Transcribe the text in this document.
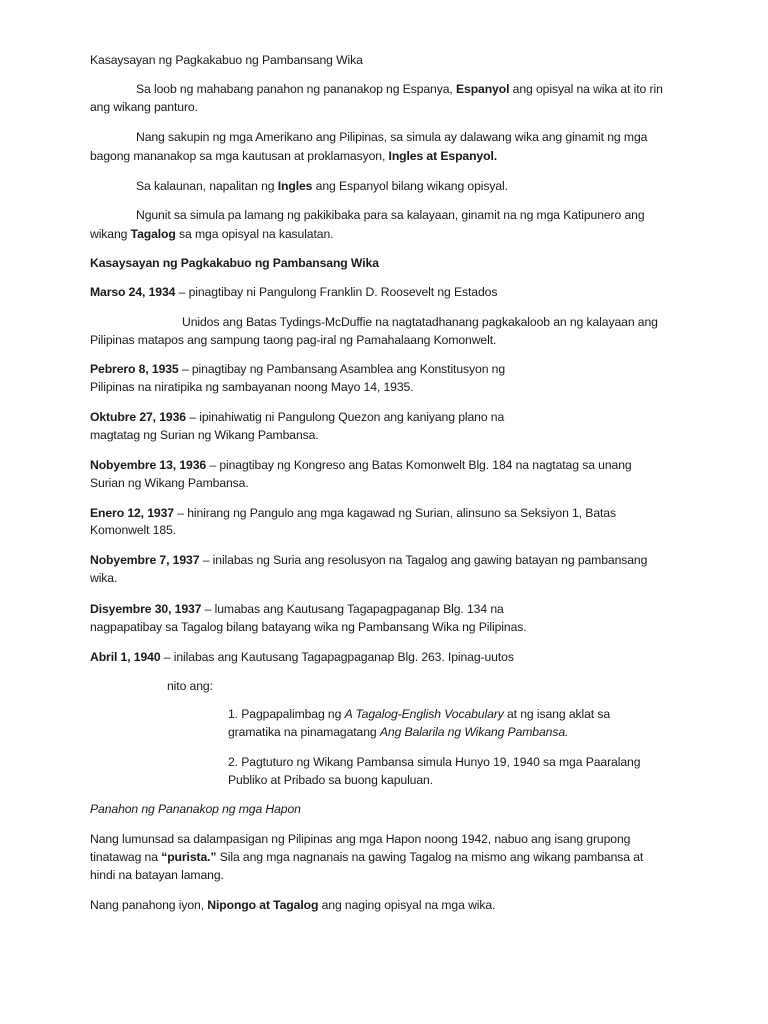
Kasaysayan ng Pagkakabuo ng Pambansang Wika
Sa loob ng mahabang panahon ng pananakop ng Espanya, Espanyol ang opisyal na wika at ito rin
ang wikang panturo.
Nang sakupin ng mga Amerikano ang Pilipinas, sa simula ay dalawang wika ang ginamit ng mga
bagong mananakop sa mga kautusan at proklamasyon, Ingles at Espanyol.
Sa kalaunan, napalitan ng Ingles ang Espanyol bilang wikang opisyal.
Ngunit sa simula pa lamang ng pakikibaka para sa kalayaan, ginamit na ng mga Katipunero ang
wikang Tagalog sa mga opisyal na kasulatan.
Kasaysayan ng Pagkakabuo ng Pambansang Wika
Marso 24, 1934 – pinagtibay ni Pangulong Franklin D. Roosevelt ng Estados
Unidos ang Batas Tydings-McDuffie na nagtatadhanang pagkakaloob an ng kalayaan ang
Pilipinas matapos ang sampung taong pag-iral ng Pamahalaang Komonwelt.
Pebrero 8, 1935 – pinagtibay ng Pambansang Asamblea ang Konstitusyon ng
Pilipinas na niratipika ng sambayanan noong Mayo 14, 1935.
Oktubre 27, 1936 – ipinahiwatig ni Pangulong Quezon ang kaniyang plano na
magtatag ng Surian ng Wikang Pambansa.
Nobyembre 13, 1936 – pinagtibay ng Kongreso ang Batas Komonwelt Blg. 184 na nagtatag sa unang
Surian ng Wikang Pambansa.
Enero 12, 1937 – hinirang ng Pangulo ang mga kagawad ng Surian, alinsuno sa Seksiyon 1, Batas
Komonwelt 185.
Nobyembre 7, 1937 – inilabas ng Suria ang resolusyon na Tagalog ang gawing batayan ng pambansang
wika.
Disyembre 30, 1937 – lumabas ang Kautusang Tagapagpaganap Blg. 134 na
nagpapatibay sa Tagalog bilang batayang wika ng Pambansang Wika ng Pilipinas.
Abril 1, 1940 – inilabas ang Kautusang Tagapagpaganap Blg. 263. Ipinag-uutos
nito ang:
1. Pagpapalimbag ng A Tagalog-English Vocabulary at ng isang aklat sa
gramatika na pinamagatang Ang Balarila ng Wikang Pambansa.
2. Pagtuturo ng Wikang Pambansa simula Hunyo 19, 1940 sa mga Paaralang
Publiko at Pribado sa buong kapuluan.
Panahon ng Pananakop ng mga Hapon
Nang lumunsad sa dalampasigan ng Pilipinas ang mga Hapon noong 1942, nabuo ang isang grupong
tinatawag na “purista.” Sila ang mga nagnanais na gawing Tagalog na mismo ang wikang pambansa at
hindi na batayan lamang.
Nang panahong iyon, Nipongo at Tagalog ang naging opisyal na mga wika.
